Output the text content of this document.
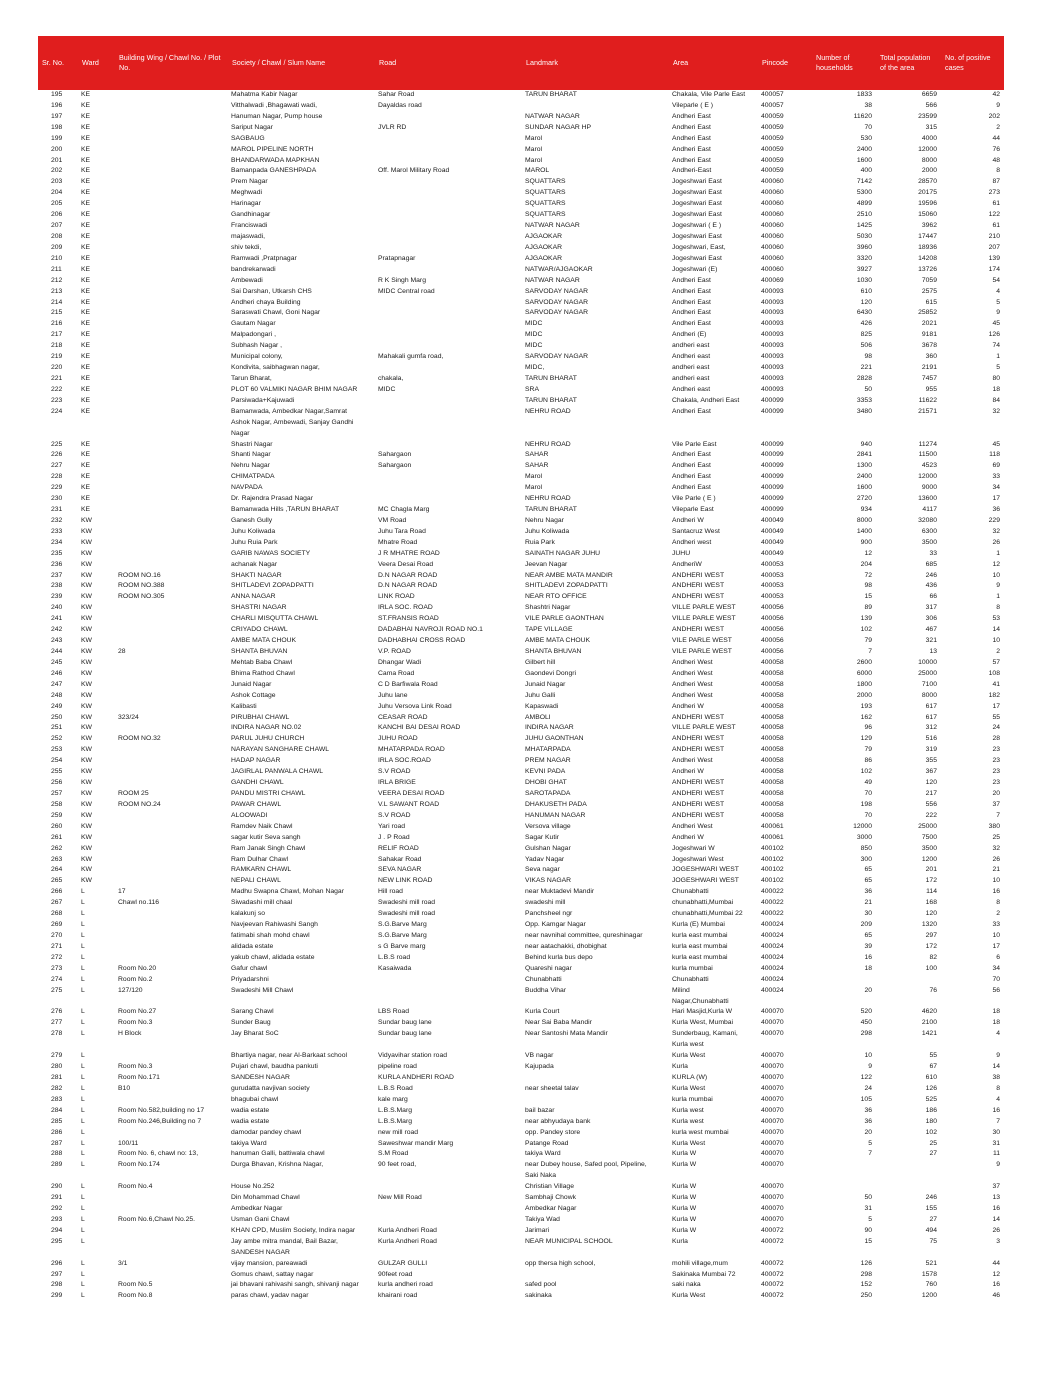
Sr. No.	Ward	Building Wing / Chawl No. / Plot No.	Society / Chawl / Slum Name	Road	Landmark	Area	Pincode	Number of households	Total population of the area	No. of positive cases
195	KE		Mahatma Kabir Nagar	Sahar Road	TARUN BHARAT	Chakala, Vile Parle East	400057	1833	6659	42
196	KE		Vitthalwadi ,Bhagawati wadi,	Dayaldas road		Vileparle ( E )	400057	38	566	9
197	KE		Hanuman Nagar, Pump house		NATWAR NAGAR	Andheri East	400059	11620	23599	202
198	KE		Sariput Nagar	JVLR RD	SUNDAR NAGAR HP	Andheri East	400059	70	315	2
199	KE		SAGBAUG		Marol	Andheri East	400059	530	4000	44
200	KE		MAROL PIPELINE NORTH		Marol	Andheri East	400059	2400	12000	76
201	KE		BHANDARWADA MAPKHAN		Marol	Andheri East	400059	1600	8000	48
202	KE		Bamanpada GANESHPADA	Off. Marol Military Road	MAROL	Andheri-East	400059	400	2000	8
203	KE		Prem Nagar		SQUATTARS	Jogeshwari East	400060	7142	28570	87
204	KE		Meghwadi		SQUATTARS	Jogeshwari East	400060	5300	20175	273
205	KE		Harinagar		SQUATTARS	Jogeshwari East	400060	4899	19596	61
206	KE		Gandhinagar		SQUATTARS	Jogeshwari East	400060	2510	15060	122
207	KE		Franciswadi		NATWAR NAGAR	Jogeshwari ( E )	400060	1425	3962	61
208	KE		majaswadi,		AJGAOKAR	Jogeshwari East	400060	5030	17447	210
209	KE		shiv tekdi,		AJGAOKAR	Jogeshwari, East,	400060	3960	18936	207
210	KE		Ramwadi ,Pratpnagar	Pratapnagar	AJGAOKAR	Jogeshwari East	400060	3320	14208	139
211	KE		bandrekarwadi		NATWAR/AJGAOKAR	Jogeshwari (E)	400060	3927	13726	174
212	KE		Ambewadi	R K Singh Marg	NATWAR NAGAR	Andheri East	400069	1030	7059	54
213	KE		Sai Darshan, Utkarsh CHS	MIDC Central road	SARVODAY NAGAR	Andheri East	400093	610	2575	4
214	KE		Andheri chaya Building		SARVODAY NAGAR	Andheri East	400093	120	615	5
215	KE		Saraswati Chawl, Goni Nagar		SARVODAY NAGAR	Andheri East	400093	6430	25852	9
216	KE		Gautam Nagar		MIDC	Andheri East	400093	426	2021	45
217	KE		Malpadongari ,		MIDC	Andheri (E)	400093	825	9181	126
218	KE		Subhash Nagar ,		MIDC	andheri east	400093	506	3678	74
219	KE		Municipal colony,	Mahakali gumfa road,	SARVODAY NAGAR	Andheri east	400093	98	360	1
220	KE		Kondivita, saibhagwan nagar,		MIDC,	andheri east	400093	221	2191	5
221	KE		Tarun Bharat,	chakala,	TARUN BHARAT	andheri east	400093	2828	7457	80
222	KE		PLOT 60 VALMIKI NAGAR BHIM NAGAR	MIDC	SRA	Andheri east	400093	50	955	18
223	KE		Parsiwada+Kajuwadi		TARUN BHARAT	Chakala, Andheri East	400099	3353	11622	84
224	KE		Bamanwada, Ambedkar Nagar,Samrat
Ashok Nagar, Ambewadi, Sanjay Gandhi
Nagar		NEHRU ROAD	Andheri East	400099	3480	21571	32
225	KE		Shastri Nagar		NEHRU ROAD	Vile Parle East	400099	940	11274	45
226	KE		Shanti Nagar	Sahargaon	SAHAR	Andheri East	400099	2841	11500	118
227	KE		Nehru Nagar	Sahargaon	SAHAR	Andheri East	400099	1300	4523	69
228	KE		CHIMATPADA		Marol	Andheri East	400099	2400	12000	33
229	KE		NAVPADA		Marol	Andheri East	400099	1600	9000	34
230	KE		Dr. Rajendra Prasad Nagar		NEHRU ROAD	Vile Parle ( E )	400099	2720	13600	17
231	KE		Bamanwada Hills ,TARUN BHARAT	MC Chagla Marg	TARUN BHARAT	Vileparle East	400099	934	4117	36
232	KW		Ganesh Gully	VM Road	Nehru Nagar	Andheri W	400049	8000	32080	229
233	KW		Juhu Koliwada	Juhu Tara Road	Juhu Koliwada	Santacruz West	400049	1400	6300	32
234	KW		Juhu Ruia Park	Mhatre Road	Ruia Park	Andheri west	400049	900	3500	26
235	KW		GARIB NAWAS SOCIETY	J R MHATRE ROAD	SAINATH NAGAR JUHU	JUHU	400049	12	33	1
236	KW		achanak Nagar	Veera Desai Road	Jeevan Nagar	AndheriW	400053	204	685	12
237	KW	ROOM NO.16	SHAKTI NAGAR	D.N NAGAR ROAD	NEAR AMBE MATA MANDIR	ANDHERI WEST	400053	72	246	10
238	KW	ROOM NO.388	SHITLADEVI ZOPADPATTI	D.N NAGAR ROAD	SHITLADEVI ZOPADPATTI	ANDHERI WEST	400053	98	436	9
239	KW	ROOM NO.305	ANNA NAGAR	LINK ROAD	NEAR RTO OFFICE	ANDHERI WEST	400053	15	66	1
240	KW		SHASTRI NAGAR	IRLA SOC. ROAD	Shashtri Nagar	VILLE PARLE WEST	400056	89	317	8
241	KW		CHARLI MISQUTTA CHAWL	ST.FRANSIS ROAD	VILE PARLE GAONTHAN	VILLE PARLE WEST	400056	139	306	53
242	KW		CRIYADO CHAWL	DADABHAI NAVROJI ROAD NO.1	TAPE VILLAGE	ANDHERI WEST	400056	102	467	14
243	KW		AMBE MATA CHOUK	DADHABHAI CROSS ROAD	AMBE MATA CHOUK	VILE PARLE WEST	400056	79	321	10
244	KW	28	SHANTA BHUVAN	V.P. ROAD	SHANTA BHUVAN	VILE PARLE WEST	400056	7	13	2
245	KW		Mehtab Baba Chawl	Dhangar Wadi	Gilbert hill	Andheri West	400058	2600	10000	57
246	KW		Bhima Rathod Chawl	Cama Road	Gaondevi Dongri	Andheri West	400058	6000	25000	108
247	KW		Junaid Nagar	C D Barfiwala Road	Junaid Nagar	Andheri West	400058	1800	7100	41
248	KW		Ashok Cottage	Juhu lane	Juhu Galli	Andheri West	400058	2000	8000	182
249	KW		Kalibasti	Juhu Versova Link Road	Kapaswadi	Andheri W	400058	193	617	17
250	KW	323/24	PIRUBHAI CHAWL	CEASAR ROAD	AMBOLI	ANDHERI WEST	400058	162	617	55
251	KW		INDIRA NAGAR NO.02	KANCHI BAI DESAI ROAD	INDIRA NAGAR	VILLE PARLE WEST	400058	96	312	24
252	KW	ROOM NO.32	PARUL JUHU CHURCH	JUHU ROAD	JUHU GAONTHAN	ANDHERI WEST	400058	129	516	28
253	KW		NARAYAN SANGHARE CHAWL	MHATARPADA ROAD	MHATARPADA	ANDHERI WEST	400058	79	319	23
254	KW		HADAP NAGAR	IRLA SOC.ROAD	PREM NAGAR	Andheri West	400058	86	355	23
255	KW		JAGIRLAL PANWALA CHAWL	S.V ROAD	KEVNI PADA	Andheri W	400058	102	367	23
256	KW		GANDHI CHAWL	IRLA BRIGE	DHOBI GHAT	ANDHERI WEST	400058	49	120	23
257	KW	ROOM 25	PANDU MISTRI CHAWL	VEERA DESAI ROAD	SAROTAPADA	ANDHERI WEST	400058	70	217	20
258	KW	ROOM NO.24	PAWAR CHAWL	V.L SAWANT ROAD	DHAKUSETH PADA	ANDHERI WEST	400058	198	556	37
259	KW		ALOOWADI	S.V ROAD	HANUMAN NAGAR	ANDHERI WEST	400058	70	222	7
260	KW		Ramdev Naik Chawl	Yari road	Versova village	Andheri West	400061	12000	25000	380
261	KW		sagar kutir Seva sangh	J . P Road	Sagar Kutir	Andheri W	400061	3000	7500	25
262	KW		Ram Janak Singh Chawl	RELIF ROAD	Gulshan Nagar	Jogeshwari W	400102	850	3500	32
263	KW		Ram Dulhar Chawl	Sahakar Road	Yadav Nagar	Jogeshwari West	400102	300	1200	26
264	KW		RAMKARN CHAWL	SEVA NAGAR	Seva nagar	JOGESHWARI WEST	400102	65	201	21
265	KW		NEPALI CHAWL	NEW LINK ROAD	VIKAS NAGAR	JOGESHWARI WEST	400102	65	172	10
266	L	17	Madhu Swapna Chawl, Mohan Nagar	Hill road	near Muktadevi Mandir	Chunabhatti	400022	36	114	16
267	L	Chawl no.116	Siwadashi mill chaal	Swadeshi mill road	swadeshi mill	chunabhatti,Mumbai	400022	21	168	8
268	L		kalakunj so	Swadeshi mill road	Panchsheel ngr	chunabhatti,Mumbai 22	400022	30	120	2
269	L		Navjeevan Rahiwashi Sangh	S.G.Barve Marg	Opp. Kamgar Nagar	Kurla (E) Mumbai	400024	209	1320	33
270	L		fatimabi shah mohd chawl	S.G.Barve Marg	near navnihal committee, qureshinagar	kurla east mumbai	400024	65	297	10
271	L		alidada estate	s G Barve marg	near aatachakki, dhobighat	kurla east mumbai	400024	39	172	17
272	L		yakub chawl, alidada estate	L.B.S road	Behind kurla bus depo	kurla east mumbai	400024	16	82	6
273	L	Room No.20	Gafur chawl	Kasaiwada	Quareshi nagar	kurla mumbai	400024	18	100	34
274	L	Room No.2	Priyadarshni		Chunabhatti	Chunabhatti	400024			70
275	L	127/120	Swadeshi Mill Chawl		Buddha Vihar	Milind
Nagar,Chunabhatti	400024	20	76	56
276	L	Room No.27	Sarang Chawl	LBS Road	Kurla Court	Hari Masjid,Kurla W	400070	520	4620	18
277	L	Room No.3	Sunder Baug	Sundar baug lane	Near Sai Baba Mandir	Kurla West, Mumbai	400070	450	2100	18
278	L	H Block	Jay Bharat SoC	Sundar baug lane	Near Santoshi Mata Mandir	Sunderbaug, Kamani,
Kurla west	400070	298	1421	4
279	L		Bhartiya nagar, near Al-Barkaat school	Vidyavihar station road	VB nagar	Kurla West	400070	10	55	9
280	L	Room No.3	Pujari chawl, baudha pankuti	pipeline road	Kajupada	Kurla	400070	9	67	14
281	L	Room No.171	SANDESH NAGAR	KURLA ANDHERI ROAD		KURLA (W)	400070	122	610	38
282	L	B10	gurudatta navjivan society	L.B.S Road	near sheetal talav	Kurla West	400070	24	126	8
283	L		bhagubai chawl	kale marg		kurla mumbai	400070	105	525	4
284	L	Room No.582,building no 17	wadia estate	L.B.S.Marg	bail bazar	Kurla west	400070	36	186	16
285	L	Room No.246,Building no 7	wadia estate	L.B.S.Marg	near abhyudaya bank	Kurla west	400070	36	180	7
286	L		damodar pandey chawl	new mill road	opp. Pandey store	kurla west mumbai	400070	20	102	30
287	L	100/11	takiya Ward	Saweshwar mandir Marg	Patange Road	Kurla West	400070	5	25	31
288	L	Room No. 6, chawl no: 13,	hanuman Galli, battiwala chawl	S.M Road	takiya Ward	Kurla W	400070	7	27	11
289	L	Room No.174	Durga Bhavan, Krishna Nagar,	90 feet road,	near Dubey house, Safed pool, Pipeline,
Saki Naka	Kurla W	400070			9
290	L	Room No.4	House No.252		Christian Village	Kurla W	400070			37
291	L		Din Mohammad Chawl	New Mill Road	Sambhaji Chowk	Kurla W	400070	50	246	13
292	L		Ambedkar Nagar		Ambedkar Nagar	Kurla W	400070	31	155	16
293	L	Room No.6,Chawl No.25.	Usman Gani Chawl		Takiya Wad	Kurla W	400070	5	27	14
294	L		KHAN CPD, Muslim Society, Indira nagar	Kurla Andheri Road	Jarimari	Kurla W	400072	90	494	26
295	L		Jay ambe mitra mandal, Bail Bazar,
SANDESH NAGAR	Kurla Andheri Road	NEAR MUNICIPAL SCHOOL	Kurla	400072	15	75	3
296	L	3/1	vijay mansion, pareawadi	GULZAR GULLI	opp thersa high school,	mohili village,mum	400072	126	521	44
297	L		Gomus chawl, sattay nagar	90feet road		Sakinaka Mumbai 72	400072	298	1578	12
298	L	Room No.5	jai bhavani rahivashi sangh, shivanji nagar	kurla andheri road	safed pool	saki naka	400072	152	760	16
299	L	Room No.8	paras chawl, yadav nagar	khairani road	sakinaka	Kurla West	400072	250	1200	46
